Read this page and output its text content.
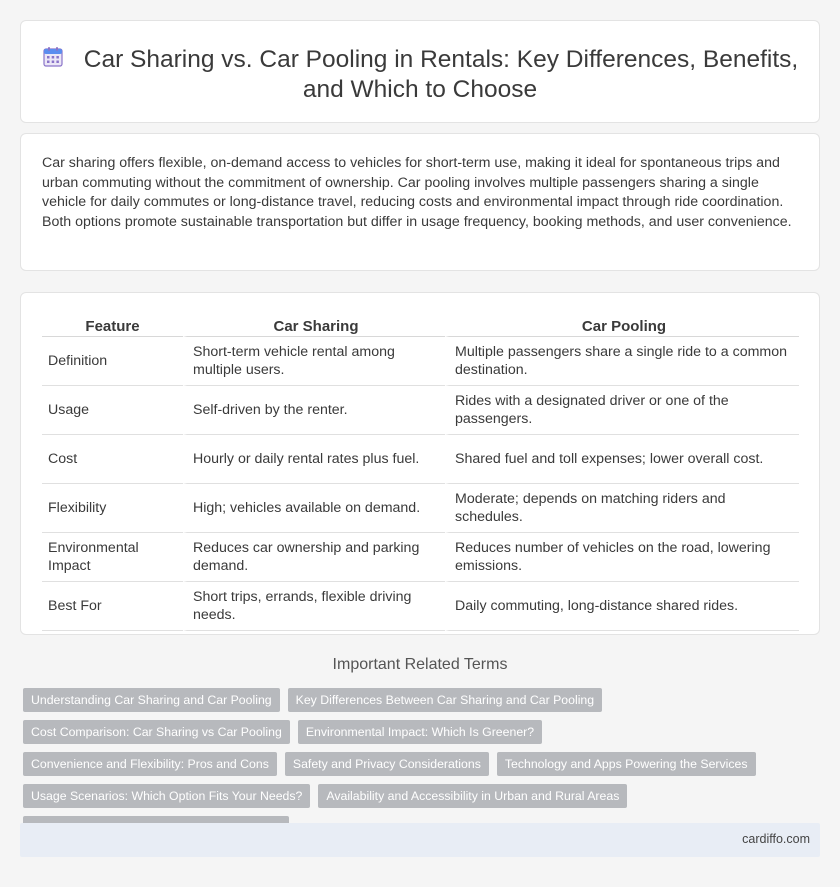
Car Sharing vs. Car Pooling in Rentals: Key Differences, Benefits, and Which to Choose

Car sharing offers flexible, on-demand access to vehicles for short-term use, making it ideal for spontaneous trips and urban commuting without the commitment of ownership. Car pooling involves multiple passengers sharing a single vehicle for daily commutes or long-distance travel, reducing costs and environmental impact through ride coordination. Both options promote sustainable transportation but differ in usage frequency, booking methods, and user convenience.

Feature	Car Sharing	Car Pooling
Definition	Short-term vehicle rental among multiple users.	Multiple passengers share a single ride to a common destination.
Usage	Self-driven by the renter.	Rides with a designated driver or one of the passengers.
Cost	Hourly or daily rental rates plus fuel.	Shared fuel and toll expenses; lower overall cost.
Flexibility	High; vehicles available on demand.	Moderate; depends on matching riders and schedules.
Environmental Impact	Reduces car ownership and parking demand.	Reduces number of vehicles on the road, lowering emissions.
Best For	Short trips, errands, flexible driving needs.	Daily commuting, long-distance shared rides.
Important Related Terms
Understanding Car Sharing and Car Pooling	Key Differences Between Car Sharing and Car Pooling
Cost Comparison: Car Sharing vs Car Pooling	Environmental Impact: Which Is Greener?
Convenience and Flexibility: Pros and Cons	Safety and Privacy Considerations	Technology and Apps Powering the Services
Usage Scenarios: Which Option Fits Your Needs?	Availability and Accessibility in Urban and Rural Areas
cardiffo.com
